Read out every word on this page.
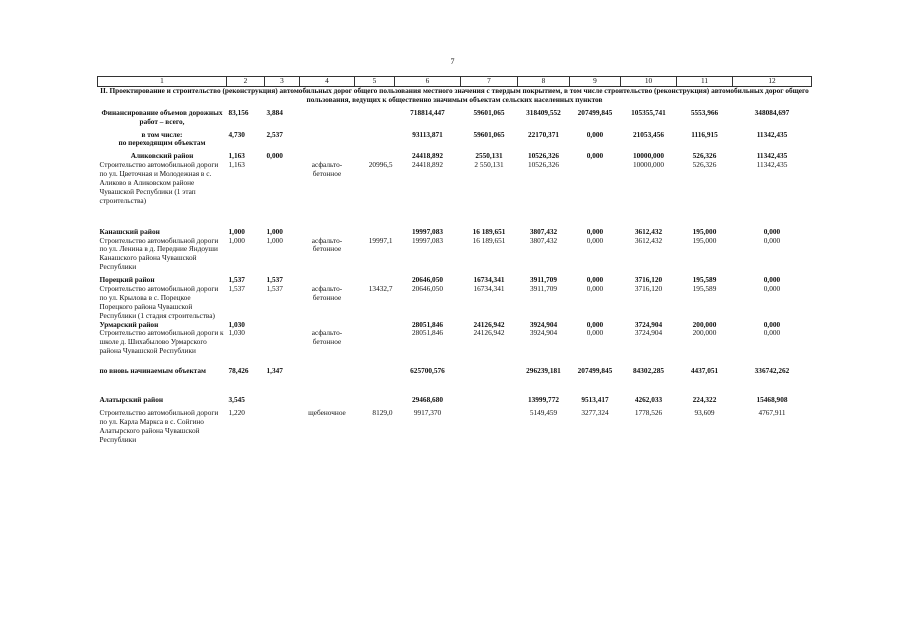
7
1	2	3	4	5	6	7	8	9	10	11	12
II. Проектирование и строительство (реконструкция) автомобильных дорог общего пользования местного значения с твердым покрытием, в том числе строительство (реконструкция) автомобильных дорог общего пользования, ведущих к общественно значимым объектам сельских населенных пунктов											

Финансирование объемов дорожных работ – всего,	83,156	3,884			718814,447	59601,065	318409,552	207499,845	105355,741	5553,966	348084,697

в том числе:	4,730	2,537			93113,871	59601,065	22170,371	0,000	21053,456	1116,915	11342,435
по переходящим объектам											

Аликовский район	1,163	0,000			24418,892	2550,131	10526,326	0,000	10000,000	526,326	11342,435
Строительство автомобильной дороги по ул. Цветочная и Молодежная в с. Аликово в Аликовском районе Чувашской Республики (1 этап строительства)	1,163		асфальто-бетонное	20996,5	24418,892	2 550,131	10526,326		10000,000	526,326	11342,435

Канашский район	1,000	1,000			19997,083	16 189,651	3807,432	0,000	3612,432	195,000	0,000
Строительство автомобильной дороги по ул. Ленина в д. Передние Яндоуши Канашского района Чувашской Республики	1,000	1,000	асфальто-бетонное	19997,1	19997,083	16 189,651	3807,432	0,000	3612,432	195,000	0,000

Порецкий район	1,537	1,537			20646,050	16734,341	3911,709	0,000	3716,120	195,589	0,000
Строительство автомобильной дороги по ул. Крылова в с. Порецкое Порецкого района Чувашской Республики (1 стадия строительства)	1,537	1,537	асфальто-бетонное	13432,7	20646,050	16734,341	3911,709	0,000	3716,120	195,589	0,000
Урмарский район	1,030				28051,846	24126,942	3924,904	0,000	3724,904	200,000	0,000
Строительство автомобильной дороги к школе д. Шихабылово Урмарского района Чувашской Республики	1,030		асфальто-бетонное		28051,846	24126,942	3924,904	0,000	3724,904	200,000	0,000

по вновь начинаемым объектам	78,426	1,347			625700,576		296239,181	207499,845	84302,285	4437,051	336742,262

Алатырский район	3,545				29468,680		13999,772	9513,417	4262,033	224,322	15468,908

Строительство автомобильной дороги по ул. Карла Маркса в с. Сойгино Алатырского района Чувашской Республики	1,220		щебеночное	8129,0	9917,370		5149,459	3277,324	1778,526	93,609	4767,911
